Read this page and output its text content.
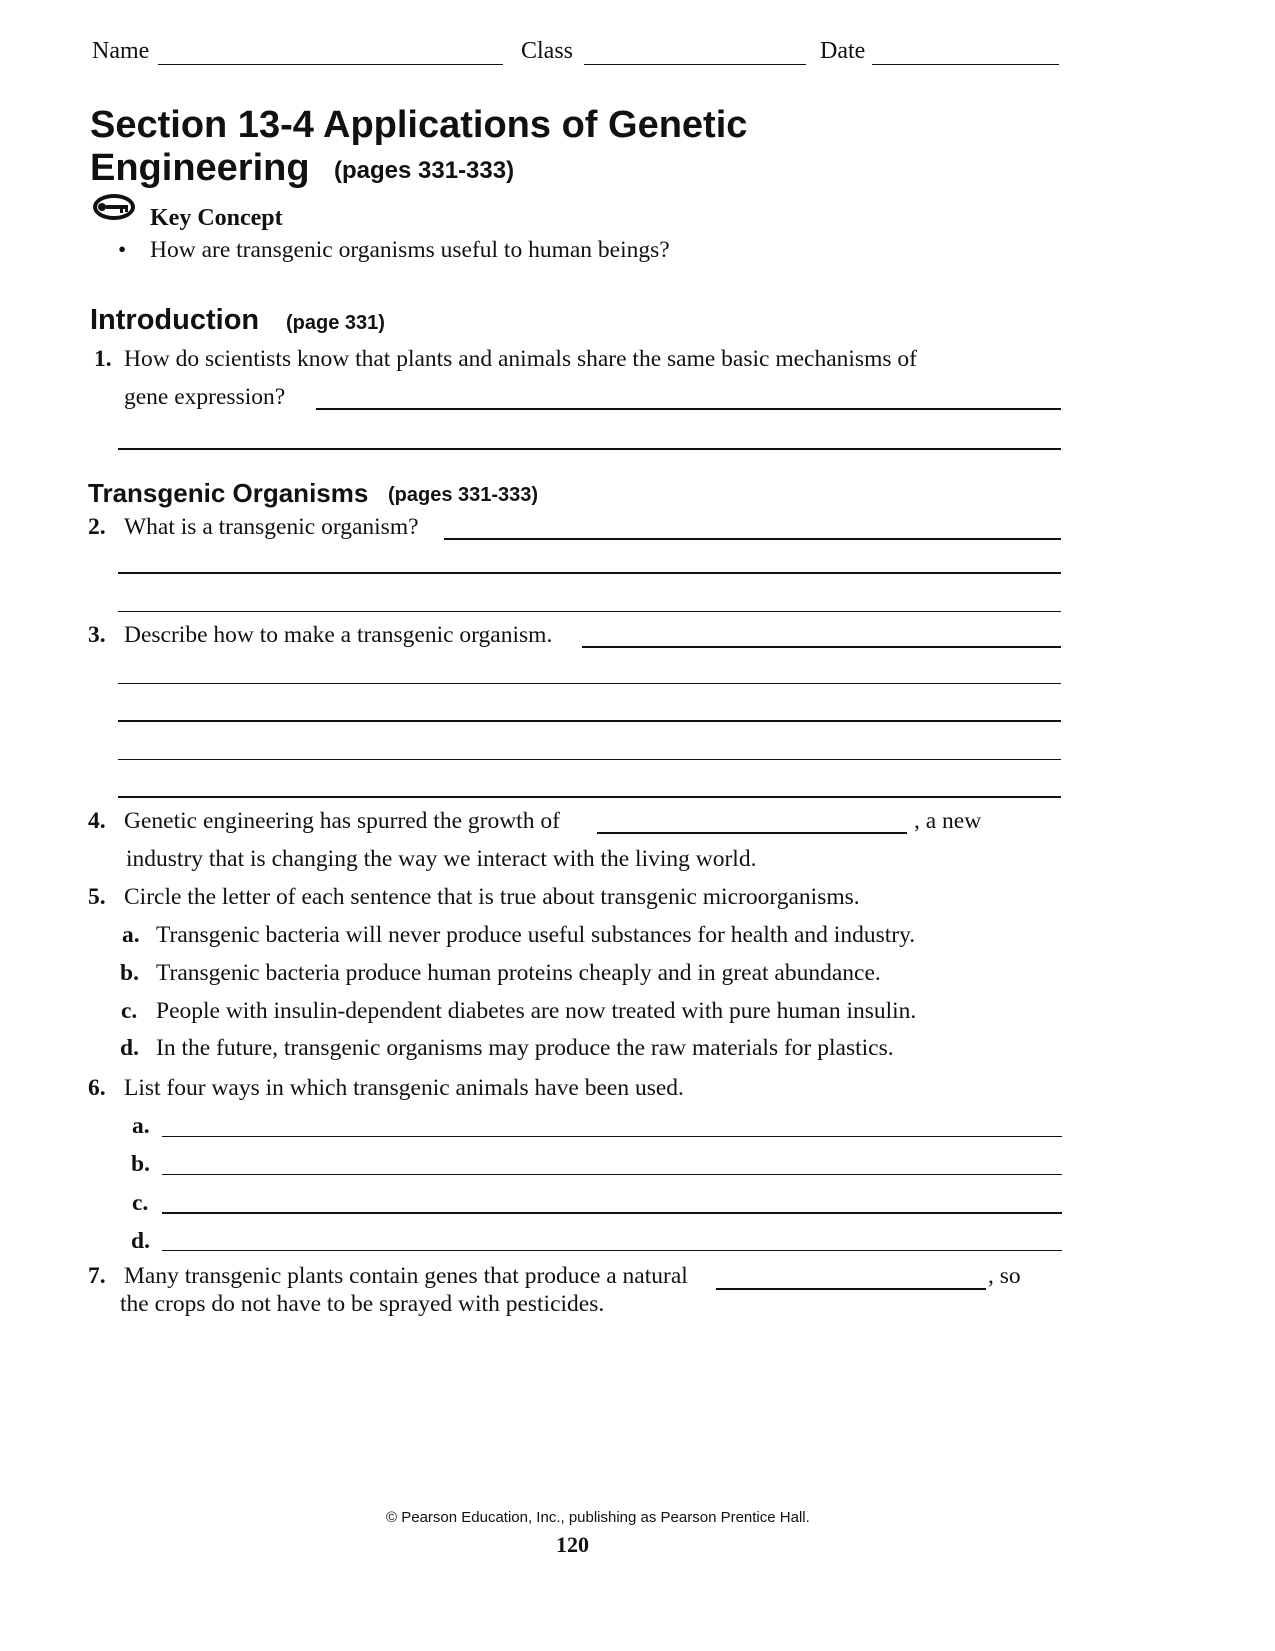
Name	Class	Date
Section 13-4 Applications of Genetic
Engineering (pages 331-333)
Key Concept
• How are transgenic organisms useful to human beings?
Introduction (page 331)
1. How do scientists know that plants and animals share the same basic mechanisms of
gene expression?
Transgenic Organisms (pages 331-333)
2. What is a transgenic organism?
3. Describe how to make a transgenic organism.
4. Genetic engineering has spurred the growth of	, a new
industry that is changing the way we interact with the living world.
5. Circle the letter of each sentence that is true about transgenic microorganisms.
a. Transgenic bacteria will never produce useful substances for health and industry.
b. Transgenic bacteria produce human proteins cheaply and in great abundance.
c. People with insulin-dependent diabetes are now treated with pure human insulin.
d. In the future, transgenic organisms may produce the raw materials for plastics.
6. List four ways in which transgenic animals have been used.
a.
b.
c.
d.
7. Many transgenic plants contain genes that produce a natural	, so
the crops do not have to be sprayed with pesticides.
© Pearson Education, Inc., publishing as Pearson Prentice Hall.
120
